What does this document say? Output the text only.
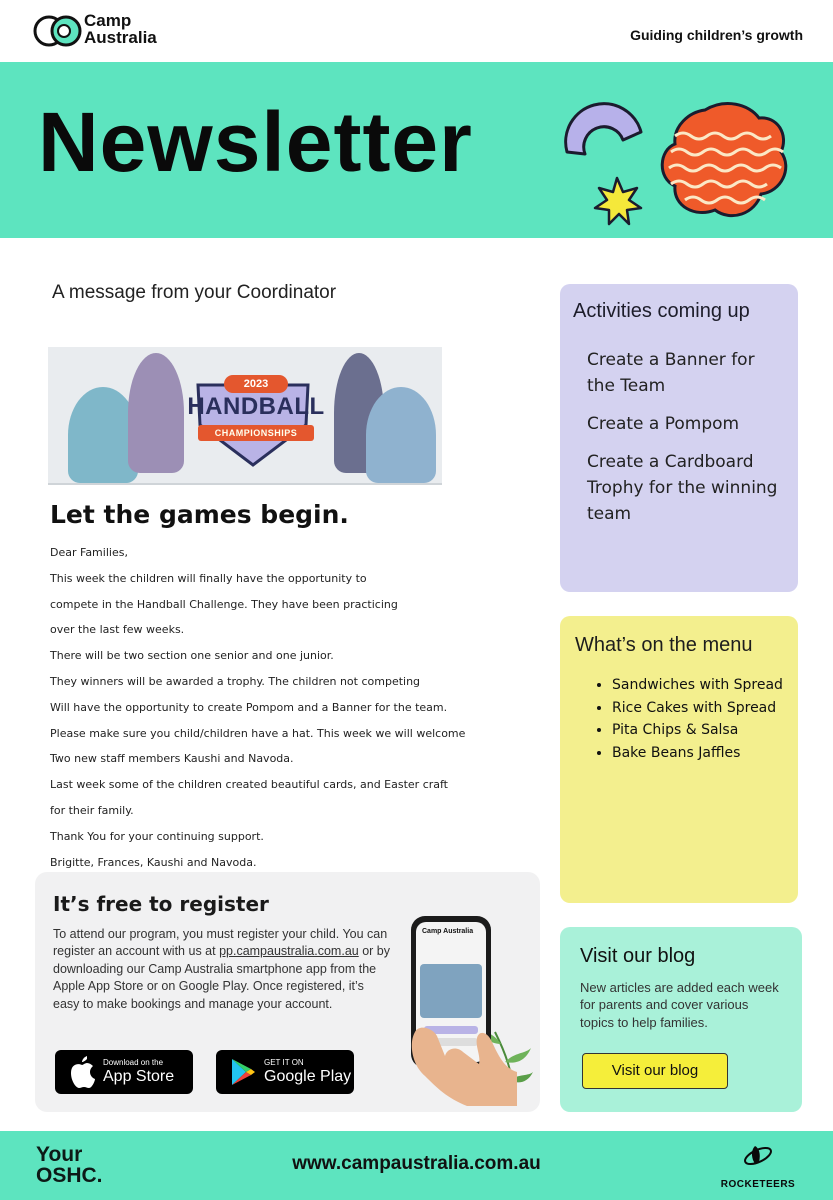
Camp
Australia	Guiding children’s growth
Newsletter
A message from your Coordinator
2023
HANDBALL
CHAMPIONSHIPS
Let the games begin.

Dear Families,

This week the children will finally have the opportunity to

compete in the Handball Challenge. They have been practicing

over the last few weeks.

There will be two section one senior and one junior.

They winners will be awarded a trophy. The children not competing

Will have the opportunity to create Pompom and a Banner for the team.

Please make sure you child/children have a hat. This week we will welcome

Two new staff members Kaushi and Navoda.

Last week some of the children created beautiful cards, and Easter craft

for their family.

Thank You for your continuing support.

Brigitte, Frances, Kaushi and Navoda.

It’s free to register
To attend our program, you must register your child. You can register an account with us at pp.campaustralia.com.au or by downloading our Camp Australia smartphone app from the Apple App Store or on Google Play. Once registered, it’s easy to make bookings and manage your account.
Download on the
App Store
GET IT ON
Google Play
Camp Australia
Activities coming up
Create a Banner for the Team
Create a Pompom
Create a Cardboard Trophy for the winning team
What’s on the menu
• Sandwiches with Spread
• Rice Cakes with Spread
• Pita Chips & Salsa
• Bake Beans Jaffles
Visit our blog
New articles are added each week for parents and cover various topics to help families.
Visit our blog
Your
OSHC.
www.campaustralia.com.au
ROCKETEERS
